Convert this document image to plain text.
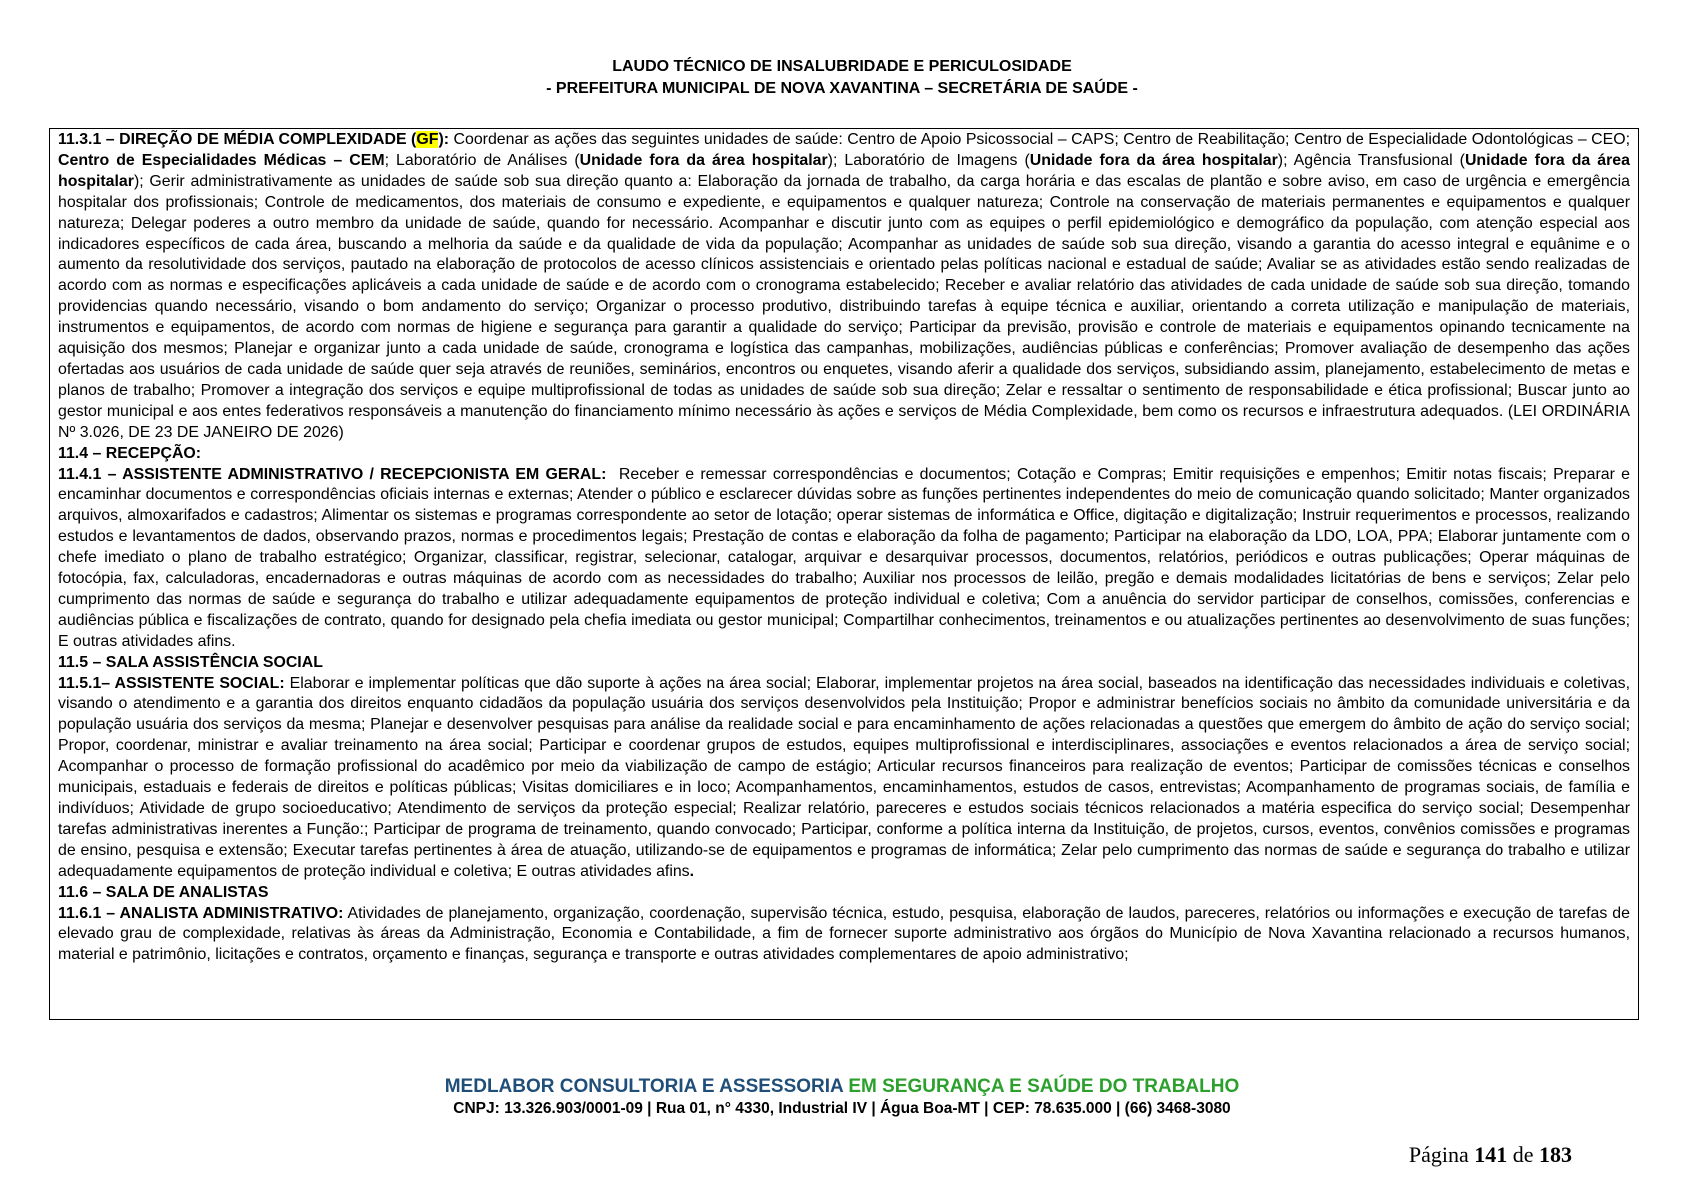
LAUDO TÉCNICO DE INSALUBRIDADE E PERICULOSIDADE
- PREFEITURA MUNICIPAL DE NOVA XAVANTINA – SECRETÁRIA DE SAÚDE -

11.3.1 – DIREÇÃO DE MÉDIA COMPLEXIDADE (GF): Coordenar as ações das seguintes unidades de saúde: Centro de Apoio Psicossocial – CAPS; Centro de Reabilitação; Centro de Especialidade Odontológicas – CEO; Centro de Especialidades Médicas – CEM; Laboratório de Análises (Unidade fora da área hospitalar); Laboratório de Imagens (Unidade fora da área hospitalar); Agência Transfusional (Unidade fora da área hospitalar); Gerir administrativamente as unidades de saúde sob sua direção quanto a: Elaboração da jornada de trabalho, da carga horária e das escalas de plantão e sobre aviso, em caso de urgência e emergência hospitalar dos profissionais; Controle de medicamentos, dos materiais de consumo e expediente, e equipamentos e qualquer natureza; Controle na conservação de materiais permanentes e equipamentos e qualquer natureza; Delegar poderes a outro membro da unidade de saúde, quando for necessário. Acompanhar e discutir junto com as equipes o perfil epidemiológico e demográfico da população, com atenção especial aos indicadores específicos de cada área, buscando a melhoria da saúde e da qualidade de vida da população; Acompanhar as unidades de saúde sob sua direção, visando a garantia do acesso integral e equânime e o aumento da resolutividade dos serviços, pautado na elaboração de protocolos de acesso clínicos assistenciais e orientado pelas políticas nacional e estadual de saúde; Avaliar se as atividades estão sendo realizadas de acordo com as normas e especificações aplicáveis a cada unidade de saúde e de acordo com o cronograma estabelecido; Receber e avaliar relatório das atividades de cada unidade de saúde sob sua direção, tomando providencias quando necessário, visando o bom andamento do serviço; Organizar o processo produtivo, distribuindo tarefas à equipe técnica e auxiliar, orientando a correta utilização e manipulação de materiais, instrumentos e equipamentos, de acordo com normas de higiene e segurança para garantir a qualidade do serviço; Participar da previsão, provisão e controle de materiais e equipamentos opinando tecnicamente na aquisição dos mesmos; Planejar e organizar junto a cada unidade de saúde, cronograma e logística das campanhas, mobilizações, audiências públicas e conferências; Promover avaliação de desempenho das ações ofertadas aos usuários de cada unidade de saúde quer seja através de reuniões, seminários, encontros ou enquetes, visando aferir a qualidade dos serviços, subsidiando assim, planejamento, estabelecimento de metas e planos de trabalho; Promover a integração dos serviços e equipe multiprofissional de todas as unidades de saúde sob sua direção; Zelar e ressaltar o sentimento de responsabilidade e ética profissional; Buscar junto ao gestor municipal e aos entes federativos responsáveis a manutenção do financiamento mínimo necessário às ações e serviços de Média Complexidade, bem como os recursos e infraestrutura adequados. (LEI ORDINÁRIA Nº 3.026, DE 23 DE JANEIRO DE 2026)

11.4 – RECEPÇÃO:

11.4.1 – ASSISTENTE ADMINISTRATIVO / RECEPCIONISTA EM GERAL:  Receber e remessar correspondências e documentos; Cotação e Compras; Emitir requisições e empenhos; Emitir notas fiscais; Preparar e encaminhar documentos e correspondências oficiais internas e externas; Atender o público e esclarecer dúvidas sobre as funções pertinentes independentes do meio de comunicação quando solicitado; Manter organizados arquivos, almoxarifados e cadastros; Alimentar os sistemas e programas correspondente ao setor de lotação; operar sistemas de informática e Office, digitação e digitalização; Instruir requerimentos e processos, realizando estudos e levantamentos de dados, observando prazos, normas e procedimentos legais; Prestação de contas e elaboração da folha de pagamento; Participar na elaboração da LDO, LOA, PPA; Elaborar juntamente com o chefe imediato o plano de trabalho estratégico; Organizar, classificar, registrar, selecionar, catalogar, arquivar e desarquivar processos, documentos, relatórios, periódicos e outras publicações; Operar máquinas de fotocópia, fax, calculadoras, encadernadoras e outras máquinas de acordo com as necessidades do trabalho; Auxiliar nos processos de leilão, pregão e demais modalidades licitatórias de bens e serviços; Zelar pelo cumprimento das normas de saúde e segurança do trabalho e utilizar adequadamente equipamentos de proteção individual e coletiva; Com a anuência do servidor participar de conselhos, comissões, conferencias e audiências pública e fiscalizações de contrato, quando for designado pela chefia imediata ou gestor municipal; Compartilhar conhecimentos, treinamentos e ou atualizações pertinentes ao desenvolvimento de suas funções; E outras atividades afins.

11.5 – SALA ASSISTÊNCIA SOCIAL

11.5.1– ASSISTENTE SOCIAL: Elaborar e implementar políticas que dão suporte à ações na área social; Elaborar, implementar projetos na área social, baseados na identificação das necessidades individuais e coletivas, visando o atendimento e a garantia dos direitos enquanto cidadãos da população usuária dos serviços desenvolvidos pela Instituição; Propor e administrar benefícios sociais no âmbito da comunidade universitária e da população usuária dos serviços da mesma; Planejar e desenvolver pesquisas para análise da realidade social e para encaminhamento de ações relacionadas a questões que emergem do âmbito de ação do serviço social; Propor, coordenar, ministrar e avaliar treinamento na área social; Participar e coordenar grupos de estudos, equipes multiprofissional e interdisciplinares, associações e eventos relacionados a área de serviço social; Acompanhar o processo de formação profissional do acadêmico por meio da viabilização de campo de estágio; Articular recursos financeiros para realização de eventos; Participar de comissões técnicas e conselhos municipais, estaduais e federais de direitos e políticas públicas; Visitas domiciliares e in loco; Acompanhamentos, encaminhamentos, estudos de casos, entrevistas; Acompanhamento de programas sociais, de família e indivíduos; Atividade de grupo socioeducativo; Atendimento de serviços da proteção especial; Realizar relatório, pareceres e estudos sociais técnicos relacionados a matéria especifica do serviço social; Desempenhar tarefas administrativas inerentes a Função:; Participar de programa de treinamento, quando convocado; Participar, conforme a política interna da Instituição, de projetos, cursos, eventos, convênios comissões e programas de ensino, pesquisa e extensão; Executar tarefas pertinentes à área de atuação, utilizando-se de equipamentos e programas de informática; Zelar pelo cumprimento das normas de saúde e segurança do trabalho e utilizar adequadamente equipamentos de proteção individual e coletiva; E outras atividades afins.

11.6 – SALA DE ANALISTAS

11.6.1 – ANALISTA ADMINISTRATIVO: Atividades de planejamento, organização, coordenação, supervisão técnica, estudo, pesquisa, elaboração de laudos, pareceres, relatórios ou informações e execução de tarefas de elevado grau de complexidade, relativas às áreas da Administração, Economia e Contabilidade, a fim de fornecer suporte administrativo aos órgãos do Município de Nova Xavantina relacionado a recursos humanos, material e patrimônio, licitações e contratos, orçamento e finanças, segurança e transporte e outras atividades complementares de apoio administrativo;

MEDLABOR CONSULTORIA E ASSESSORIA EM SEGURANÇA E SAÚDE DO TRABALHO
CNPJ: 13.326.903/0001-09 | Rua 01, n° 4330, Industrial IV | Água Boa-MT | CEP: 78.635.000 | (66) 3468-3080
Página 141 de 183
